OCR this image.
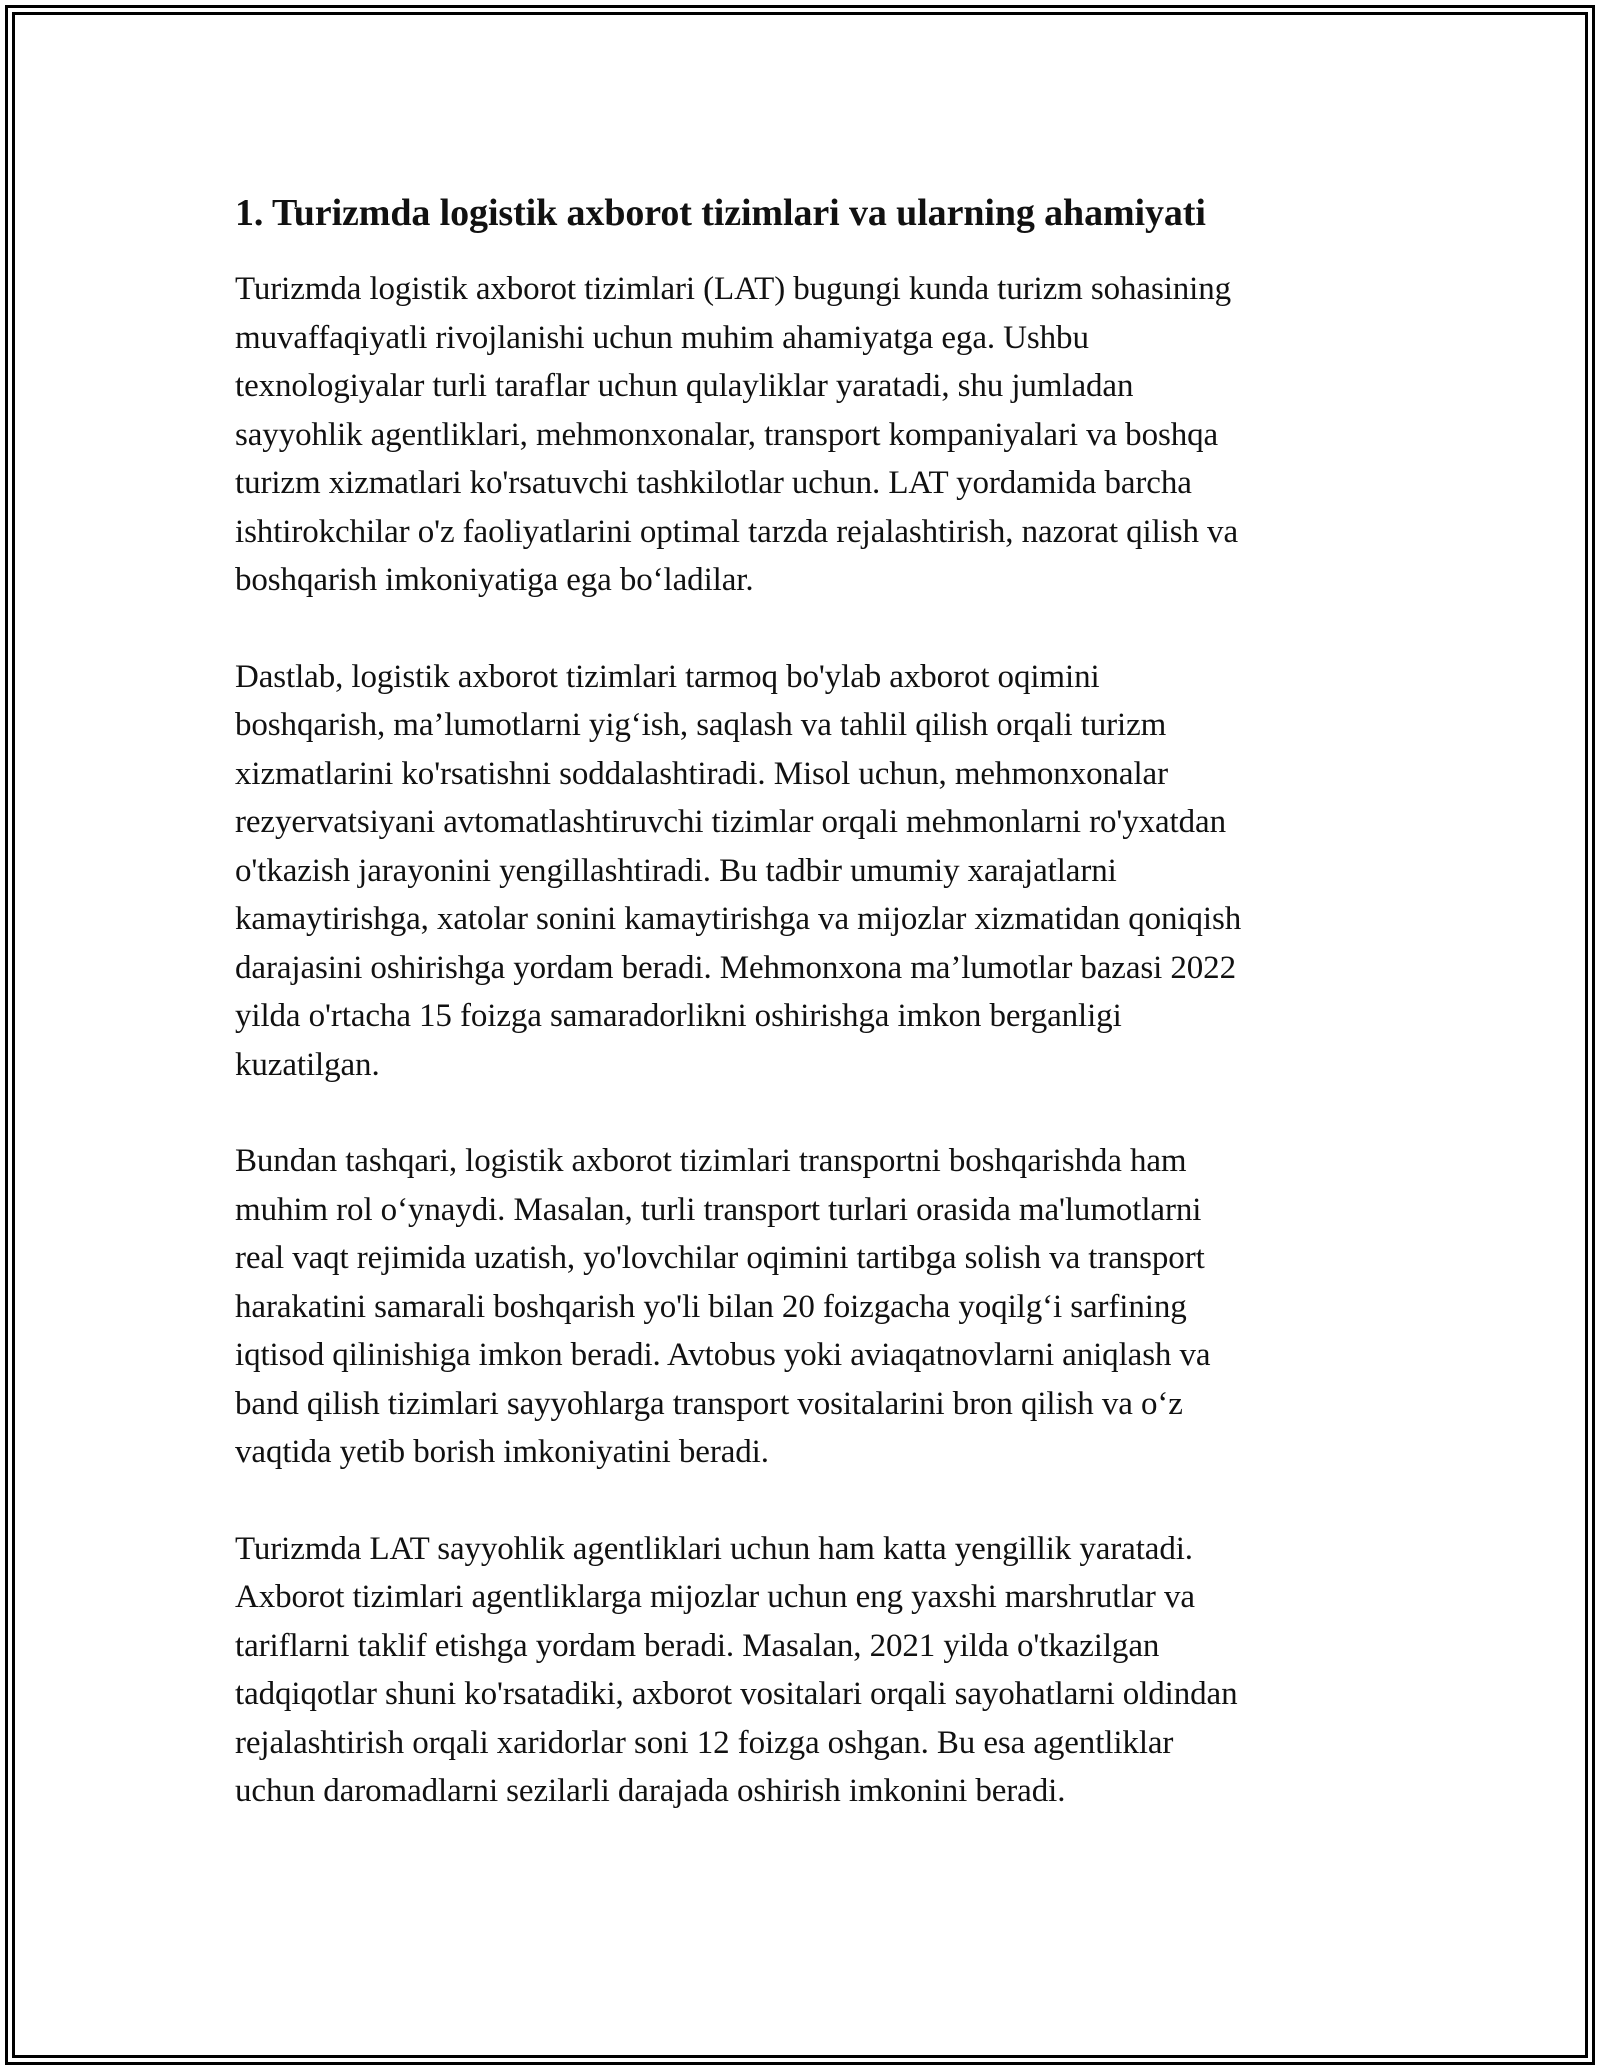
1. Turizmda logistik axborot tizimlari va ularning ahamiyati

Turizmda logistik axborot tizimlari (LAT) bugungi kunda turizm sohasining
muvaffaqiyatli rivojlanishi uchun muhim ahamiyatga ega. Ushbu
texnologiyalar turli taraflar uchun qulayliklar yaratadi, shu jumladan
sayyohlik agentliklari, mehmonxonalar, transport kompaniyalari va boshqa
turizm xizmatlari ko'rsatuvchi tashkilotlar uchun. LAT yordamida barcha
ishtirokchilar o'z faoliyatlarini optimal tarzda rejalashtirish, nazorat qilish va
boshqarish imkoniyatiga ega bo‘ladilar.

Dastlab, logistik axborot tizimlari tarmoq bo'ylab axborot oqimini
boshqarish, ma’lumotlarni yig‘ish, saqlash va tahlil qilish orqali turizm
xizmatlarini ko'rsatishni soddalashtiradi. Misol uchun, mehmonxonalar
rezyervatsiyani avtomatlashtiruvchi tizimlar orqali mehmonlarni ro'yxatdan
o'tkazish jarayonini yengillashtiradi. Bu tadbir umumiy xarajatlarni
kamaytirishga, xatolar sonini kamaytirishga va mijozlar xizmatidan qoniqish
darajasini oshirishga yordam beradi. Mehmonxona ma’lumotlar bazasi 2022
yilda o'rtacha 15 foizga samaradorlikni oshirishga imkon berganligi
kuzatilgan.

Bundan tashqari, logistik axborot tizimlari transportni boshqarishda ham
muhim rol o‘ynaydi. Masalan, turli transport turlari orasida ma'lumotlarni
real vaqt rejimida uzatish, yo'lovchilar oqimini tartibga solish va transport
harakatini samarali boshqarish yo'li bilan 20 foizgacha yoqilg‘i sarfining
iqtisod qilinishiga imkon beradi. Avtobus yoki aviaqatnovlarni aniqlash va
band qilish tizimlari sayyohlarga transport vositalarini bron qilish va o‘z
vaqtida yetib borish imkoniyatini beradi.

Turizmda LAT sayyohlik agentliklari uchun ham katta yengillik yaratadi.
Axborot tizimlari agentliklarga mijozlar uchun eng yaxshi marshrutlar va
tariflarni taklif etishga yordam beradi. Masalan, 2021 yilda o'tkazilgan
tadqiqotlar shuni ko'rsatadiki, axborot vositalari orqali sayohatlarni oldindan
rejalashtirish orqali xaridorlar soni 12 foizga oshgan. Bu esa agentliklar
uchun daromadlarni sezilarli darajada oshirish imkonini beradi.
